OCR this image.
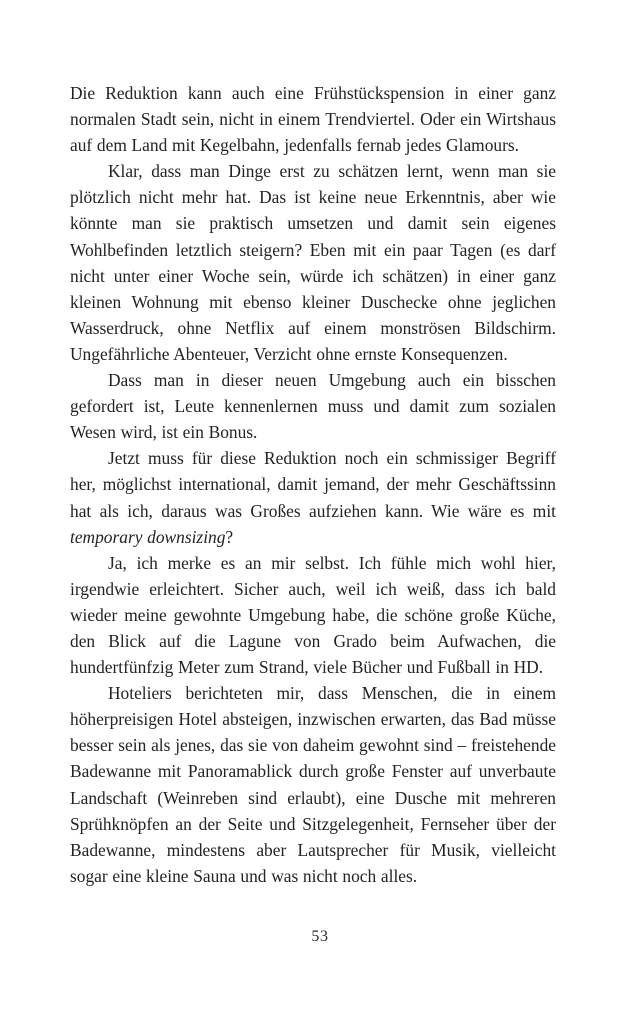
Die Reduktion kann auch eine Frühstückspension in einer ganz normalen Stadt sein, nicht in einem Trendviertel. Oder ein Wirtshaus auf dem Land mit Kegelbahn, jedenfalls fernab jedes Glamours.

Klar, dass man Dinge erst zu schätzen lernt, wenn man sie plötzlich nicht mehr hat. Das ist keine neue Erkenntnis, aber wie könnte man sie praktisch umsetzen und damit sein eigenes Wohlbefinden letztlich steigern? Eben mit ein paar Tagen (es darf nicht unter einer Woche sein, würde ich schätzen) in einer ganz kleinen Wohnung mit ebenso kleiner Duschecke ohne jeglichen Wasserdruck, ohne Netflix auf einem monströsen Bildschirm. Ungefährliche Abenteuer, Verzicht ohne ernste Konsequenzen.

Dass man in dieser neuen Umgebung auch ein bisschen gefordert ist, Leute kennenlernen muss und damit zum sozialen Wesen wird, ist ein Bonus.

Jetzt muss für diese Reduktion noch ein schmissiger Begriff her, möglichst international, damit jemand, der mehr Geschäftssinn hat als ich, daraus was Großes aufziehen kann. Wie wäre es mit temporary downsizing?

Ja, ich merke es an mir selbst. Ich fühle mich wohl hier, irgendwie erleichtert. Sicher auch, weil ich weiß, dass ich bald wieder meine gewohnte Umgebung habe, die schöne große Küche, den Blick auf die Lagune von Grado beim Aufwachen, die hundertfünfzig Meter zum Strand, viele Bücher und Fußball in HD.

Hoteliers berichteten mir, dass Menschen, die in einem höherpreisigen Hotel absteigen, inzwischen erwarten, das Bad müsse besser sein als jenes, das sie von daheim gewohnt sind – freistehende Badewanne mit Panoramablick durch große Fenster auf unverbaute Landschaft (Weinreben sind erlaubt), eine Dusche mit mehreren Sprühknöpfen an der Seite und Sitzgelegenheit, Fernseher über der Badewanne, mindestens aber Lautsprecher für Musik, vielleicht sogar eine kleine Sauna und was nicht noch alles.

53
